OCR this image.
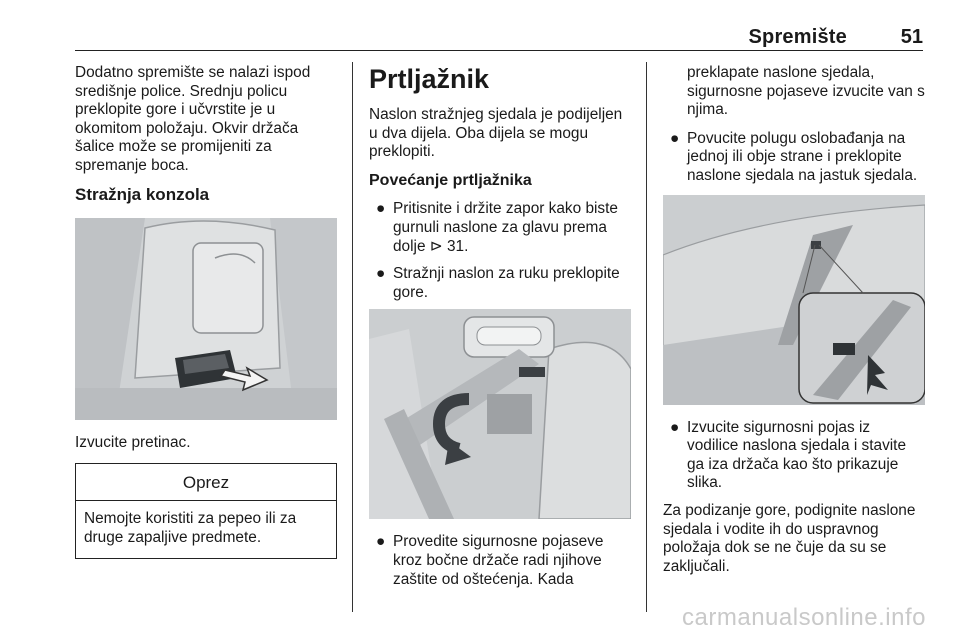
Spremište	51

Dodatno spremište se nalazi ispod središnje police. Srednju policu preklopite gore i učvrstite je u okomitom položaju. Okvir držača šalice može se promijeniti za spremanje boca.

Stražnja konzola

Izvucite pretinac.

Oprez
Nemojte koristiti za pepeo ili za druge zapaljive predmete.
Prtljažnik

Naslon stražnjeg sjedala je podijeljen u dva dijela. Oba dijela se mogu preklopiti.

Povećanje prtljažnika
● Pritisnite i držite zapor kako biste gurnuli naslone za glavu prema dolje ⊳ 31.
● Stražnji naslon za ruku preklopite gore.
● Provedite sigurnosne pojaseve kroz bočne držače radi njihove zaštite od oštećenja. Kada

preklapate naslone sjedala, sigurnosne pojaseve izvucite van s njima.

● Povucite polugu oslobađanja na jednoj ili obje strane i preklopite naslone sjedala na jastuk sjedala.
● Izvucite sigurnosni pojas iz vodilice naslona sjedala i stavite ga iza držača kao što prikazuje slika.

Za podizanje gore, podignite naslone sjedala i vodite ih do uspravnog položaja dok se ne čuje da su se zaključali.

carmanualsonline.info
